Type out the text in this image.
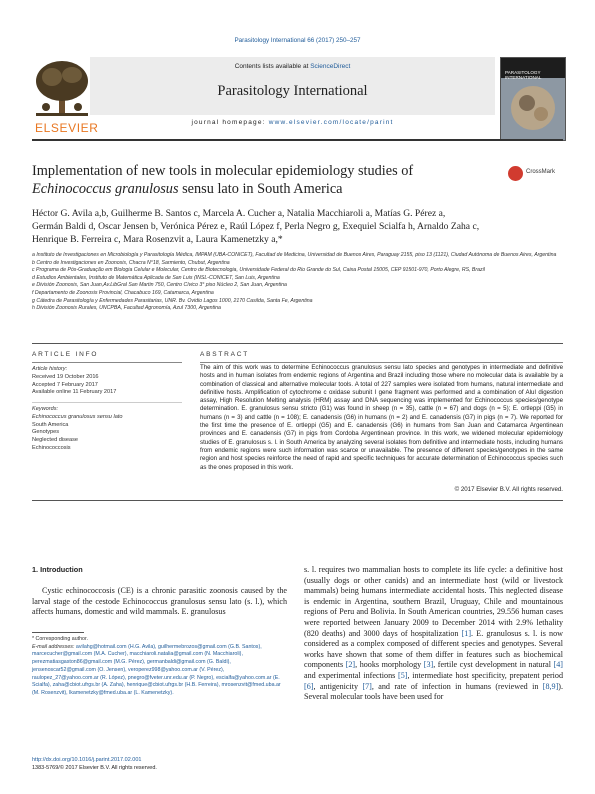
Parasitology International 66 (2017) 250–257
ELSEVIER
Contents lists available at ScienceDirect
Parasitology International
journal homepage: www.elsevier.com/locate/parint
PARASITOLOGY INTERNATIONAL
Implementation of new tools in molecular epidemiology studies of
Echinococcus granulosus sensu lato in South America
CrossMark
Héctor G. Avila a,b, Guilherme B. Santos c, Marcela A. Cucher a, Natalia Macchiaroli a, Matías G. Pérez a,
Germán Baldi d, Oscar Jensen b, Verónica Pérez e, Raúl López f, Perla Negro g, Exequiel Scialfa h, Arnaldo Zaha c,
Henrique B. Ferreira c, Mara Rosenzvit a, Laura Kamenetzky a,*
a Instituto de Investigaciones en Microbiología y Parasitología Médica, IMPAM (UBA-CONICET), Facultad de Medicina, Universidad de Buenos Aires, Paraguay 2155, piso 13 (1121), Ciudad Autónoma de Buenos Aires, Argentina
b Centro de Investigaciones en Zoonosis, Chacra N°18, Sarmiento, Chubut, Argentina
c Programa de Pós-Graduação em Biologia Celular e Molecular, Centro de Biotecnologia, Universidade Federal do Rio Grande do Sul, Caixa Postal 15005, CEP 91501-970, Porto Alegre, RS, Brazil
d Estudios Ambientales, Instituto de Matemática Aplicada de San Luis (INSL-CONICET, San Luis, Argentina
e División Zoonosis, San Juan,Av.LibGral San Martin 750, Centro Cívico 3° piso Núcleo 2, San Juan, Argentina
f Departamento de Zoonosis Provincial, Chacabuco 169, Catamarca, Argentina
g Cátedra de Parasitología y Enfermedades Parasitarias, UNR. Bv. Ovidio Lagos 1000, 2170 Casilda, Santa Fe, Argentina
h División Zoonosis Rurales, UNCPBA, Facultad Agronomía, Azul 7300, Argentina
ARTICLE INFO
Article history:
Received 19 October 2016
Accepted 7 February 2017
Available online 11 February 2017
Keywords:
Echinococcus granulosus sensu lato
South America
Genotypes
Neglected disease
Echinococcosis
ABSTRACT
The aim of this work was to determine Echinococcus granulosus sensu lato species and genotypes in intermediate and definitive hosts and in human isolates from endemic regions of Argentina and Brazil including those where no molecular data is available by a combination of classical and alternative molecular tools. A total of 227 samples were isolated from humans, natural intermediate and definitive hosts. Amplification of cytochrome c oxidase subunit I gene fragment was performed and a combination of AluI digestion assay, High Resolution Melting analysis (HRM) assay and DNA sequencing was implemented for Echinococcus species/genotype determination. E. granulosus sensu stricto (G1) was found in sheep (n = 35), cattle (n = 67) and dogs (n = 5); E. ortleppi (G5) in humans (n = 3) and cattle (n = 108); E. canadensis (G6) in humans (n = 2) and E. canadensis (G7) in pigs (n = 7). We reported for the first time the presence of E. ortleppi (G5) and E. canadensis (G6) in humans from San Juan and Catamarca Argentinean provinces and E. canadensis (G7) in pigs from Cordoba Argentinean province. In this work, we widened molecular epidemiology studies of E. granulosus s. l. in South America by analyzing several isolates from definitive and intermediate hosts, including humans from endemic regions were such information was scarce or unavailable. The presence of different species/genotypes in the same region and host species reinforce the need of rapid and specific techniques for accurate determination of Echinococcus species such as the ones proposed in this work.
© 2017 Elsevier B.V. All rights reserved.
1. Introduction
Cystic echinococcosis (CE) is a chronic parasitic zoonosis caused by the larval stage of the cestode Echinococcus granulosus sensu lato (s. l.), which affects humans, domestic and wild mammals. E. granulosus
s. l. requires two mammalian hosts to complete its life cycle: a definitive host (usually dogs or other canids) and an intermediate host (wild or livestock mammals) being humans intermediate accidental hosts. This neglected disease is endemic in Argentina, southern Brazil, Uruguay, Chile and mountainous regions of Peru and Bolivia. In South American countries, 29.556 human cases were reported between January 2009 to December 2014 with 2.9% lethality (820 deaths) and 3000 days of hospitalization [1]. E. granulosus s. l. is now considered as a complex composed of different species and genotypes. Several works have shown that some of them differ in features such as biochemical components [2], hooks morphology [3], fertile cyst development in natural [4] and experimental infections [5], intermediate host specificity, prepatent period [6], antigenicity [7], and rate of infection in humans (reviewed in [8,9]). Several molecular tools have been used for
* Corresponding author.
E-mail addresses: avilahg@hotmail.com (H.G. Avila), guilhermebrozos@gmail.com (G.B. Santos), marcecucher@gmail.com (M.A. Cucher), macchiaroli.natalia@gmail.com (N. Macchiaroli), perezmatiasgaston86@gmail.com (M.G. Pérez), germanbaldi@gmail.com (G. Baldi), jensenoscar52@gmail.com (O. Jensen), veroperez998@yahoo.com.ar (V. Pérez), raulopez_27@yahoo.com.ar (R. López), pnegro@fveter.unr.edu.ar (P. Negro), escialfa@yahoo.com.ar (E. Scialfa), zaha@cbiot.ufrgs.br (A. Zaha), henrique@cbiot.ufrgs.br (H.B. Ferreira), mrosenzvit@fmed.uba.ar (M. Rosenzvit), lkamenetzky@fmed.uba.ar (L. Kamenetzky).
http://dx.doi.org/10.1016/j.parint.2017.02.001
1383-5769/© 2017 Elsevier B.V. All rights reserved.
